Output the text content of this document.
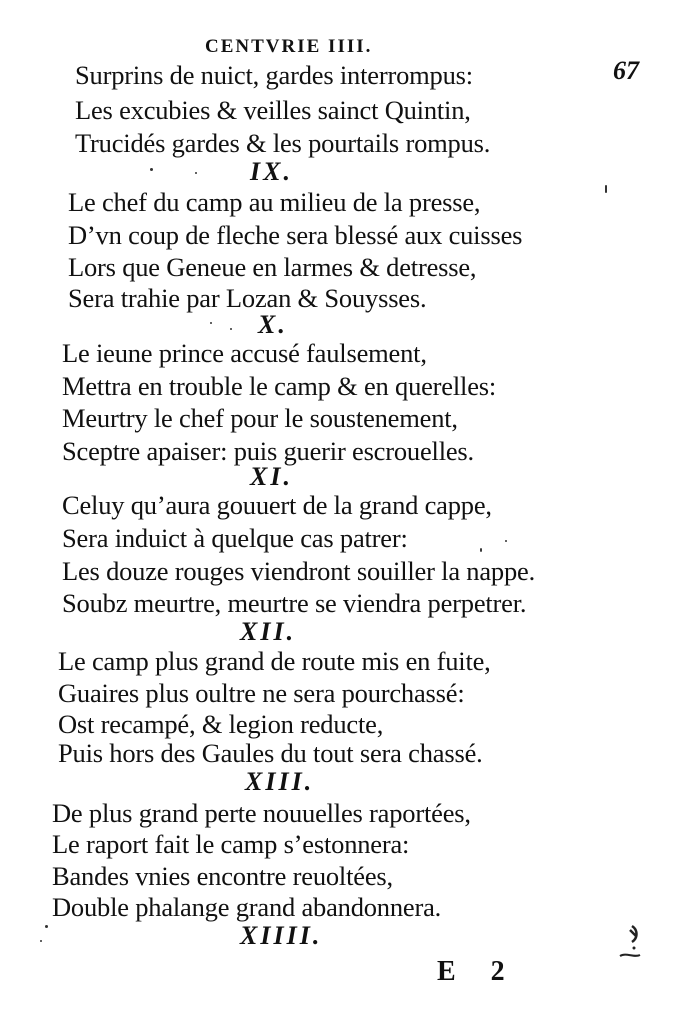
CENTVRIE IIII.
67
Surprins de nuict, gardes interrompus:
Les excubies & veilles sainct Quintin,
Trucidés gardes & les pourtails rompus.
IX.
Le chef du camp au milieu de la presse,
D’vn coup de fleche sera blessé aux cuisses
Lors que Geneue en larmes & detresse,
Sera trahie par Lozan & Souysses.
X.
Le ieune prince accusé faulsement,
Mettra en trouble le camp & en querelles:
Meurtry le chef pour le soustenement,
Sceptre apaiser: puis guerir escrouelles.
XI.
Celuy qu’aura gouuert de la grand cappe,
Sera induict à quelque cas patrer:
Les douze rouges viendront souiller la nappe.
Soubz meurtre, meurtre se viendra perpetrer.
XII.
Le camp plus grand de route mis en fuite,
Guaires plus oultre ne sera pourchassé:
Ost recampé, & legion reducte,
Puis hors des Gaules du tout sera chassé.
XIII.
De plus grand perte nouuelles raportées,
Le raport fait le camp s’estonnera:
Bandes vnies encontre reuoltées,
Double phalange grand abandonnera.
XIIII.
E 2
